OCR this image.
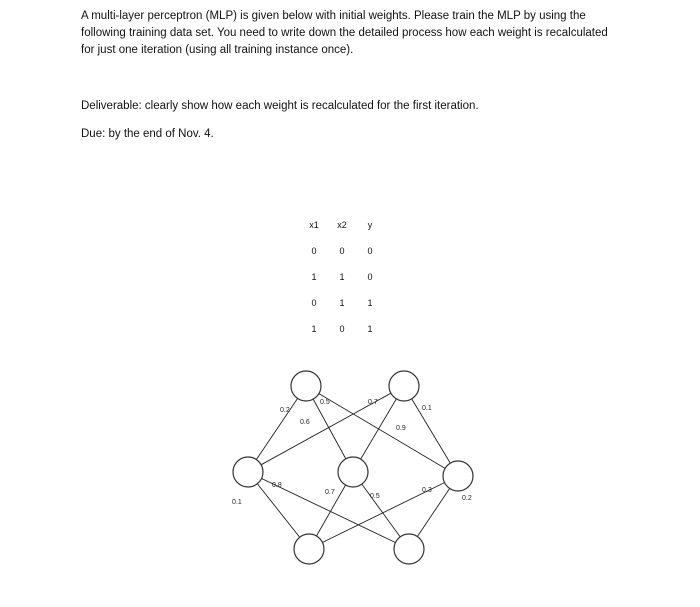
A multi-layer perceptron (MLP) is given below with initial weights. Please train the MLP by using the following training data set. You need to write down the detailed process how each weight is recalculated for just one iteration (using all training instance once).

Deliverable: clearly show how each weight is recalculated for the first iteration.

Due: by the end of Nov. 4.

x1	x2	y
0	0	0
1	1	0
0	1	1
1	0	1
0.2
0.6
0.5	0.7
0.9
0.1
0.1
0.8
0.7
0.5
0.3
0.2
